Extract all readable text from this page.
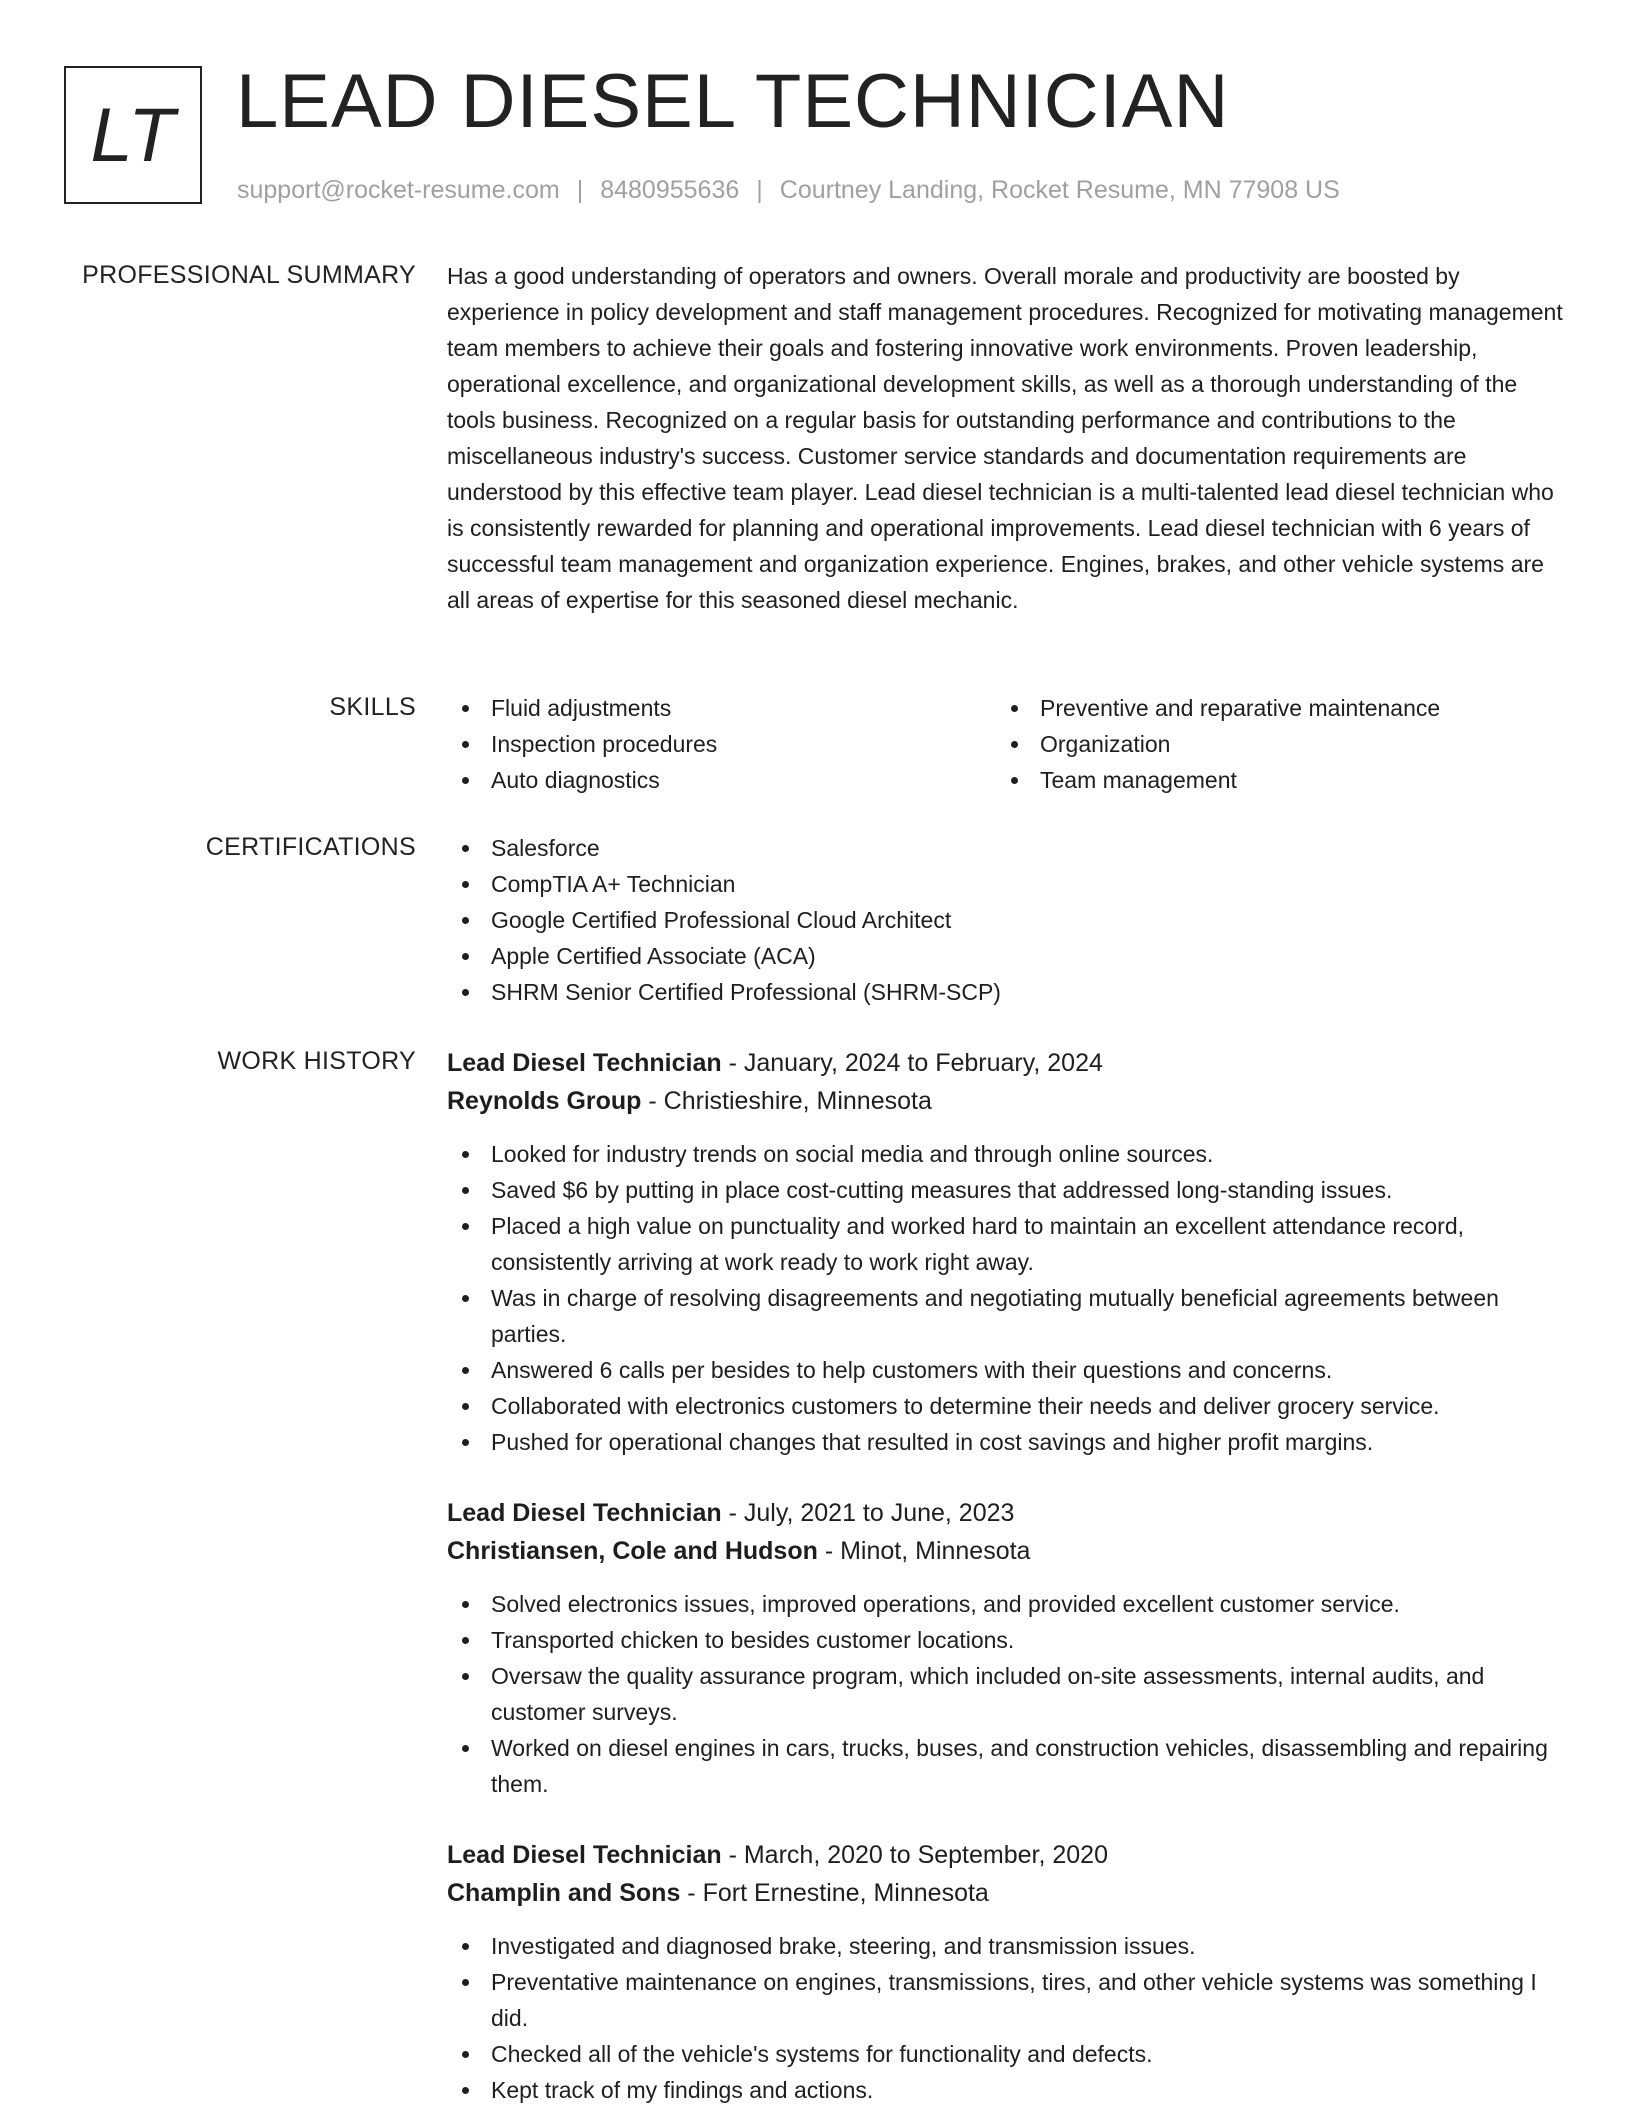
LT LEAD DIESEL TECHNICIAN
support@rocket-resume.com | 8480955636 | Courtney Landing, Rocket Resume, MN 77908 US
PROFESSIONAL SUMMARY Has a good understanding of operators and owners. Overall morale and productivity are boosted by experience in policy development and staff management procedures. Recognized for motivating management team members to achieve their goals and fostering innovative work environments. Proven leadership, operational excellence, and organizational development skills, as well as a thorough understanding of the tools business. Recognized on a regular basis for outstanding performance and contributions to the miscellaneous industry's success. Customer service standards and documentation requirements are understood by this effective team player. Lead diesel technician is a multi-talented lead diesel technician who is consistently rewarded for planning and operational improvements. Lead diesel technician with 6 years of successful team management and organization experience. Engines, brakes, and other vehicle systems are all areas of expertise for this seasoned diesel mechanic.

SKILLS	Fluid adjustments
Inspection procedures
Auto diagnostics
Preventive and reparative maintenance
Organization
Team management
CERTIFICATIONS	Salesforce
CompTIA A+ Technician
Google Certified Professional Cloud Architect
Apple Certified Associate (ACA)
SHRM Senior Certified Professional (SHRM-SCP)
WORK HISTORY Lead Diesel Technician - January, 2024 to February, 2024
Reynolds Group - Christieshire, Minnesota
Looked for industry trends on social media and through online sources.
Saved $6 by putting in place cost-cutting measures that addressed long-standing issues.
Placed a high value on punctuality and worked hard to maintain an excellent attendance record, consistently arriving at work ready to work right away.
Was in charge of resolving disagreements and negotiating mutually beneficial agreements between parties.
Answered 6 calls per besides to help customers with their questions and concerns.
Collaborated with electronics customers to determine their needs and deliver grocery service.
Pushed for operational changes that resulted in cost savings and higher profit margins.
Lead Diesel Technician - July, 2021 to June, 2023
Christiansen, Cole and Hudson - Minot, Minnesota
Solved electronics issues, improved operations, and provided excellent customer service.
Transported chicken to besides customer locations.
Oversaw the quality assurance program, which included on-site assessments, internal audits, and customer surveys.
Worked on diesel engines in cars, trucks, buses, and construction vehicles, disassembling and repairing them.
Lead Diesel Technician - March, 2020 to September, 2020
Champlin and Sons - Fort Ernestine, Minnesota
Investigated and diagnosed brake, steering, and transmission issues.
Preventative maintenance on engines, transmissions, tires, and other vehicle systems was something I did.
Checked all of the vehicle's systems for functionality and defects.
Kept track of my findings and actions.
